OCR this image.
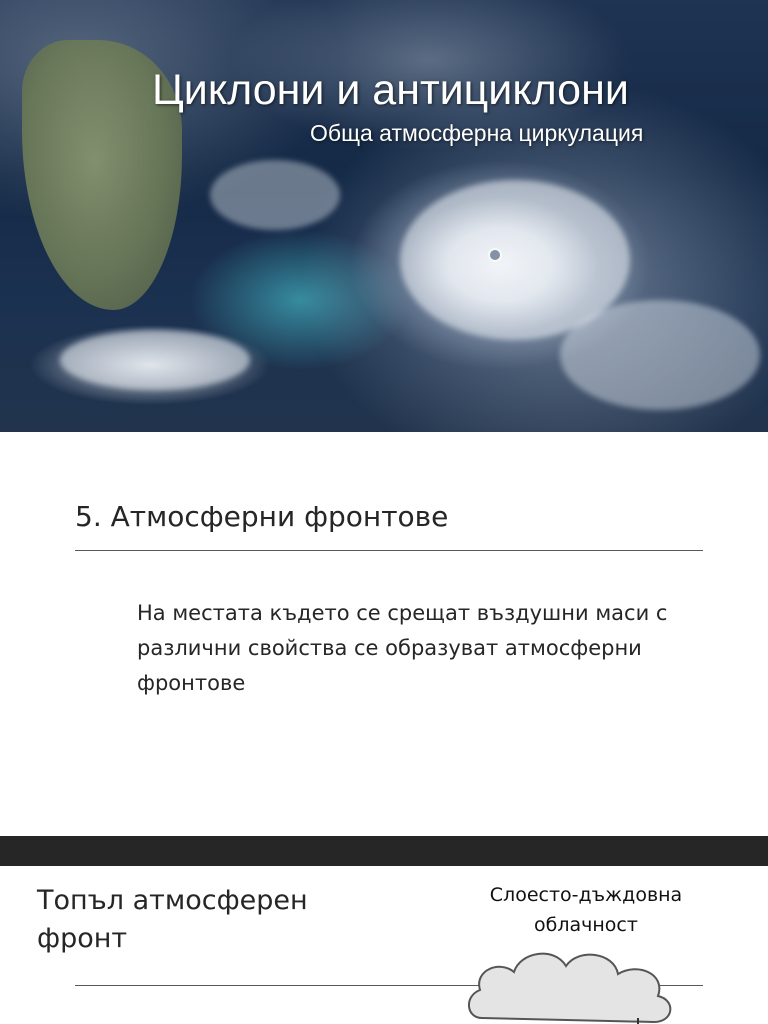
Циклони и антициклони
Обща атмосферна циркулация
5. Атмосферни фронтове

На местата където се срещат въздушни маси с различни свойства се образуват атмосферни фронтове

Топъл атмосферен фронт

Слоесто-дъждовна облачност
